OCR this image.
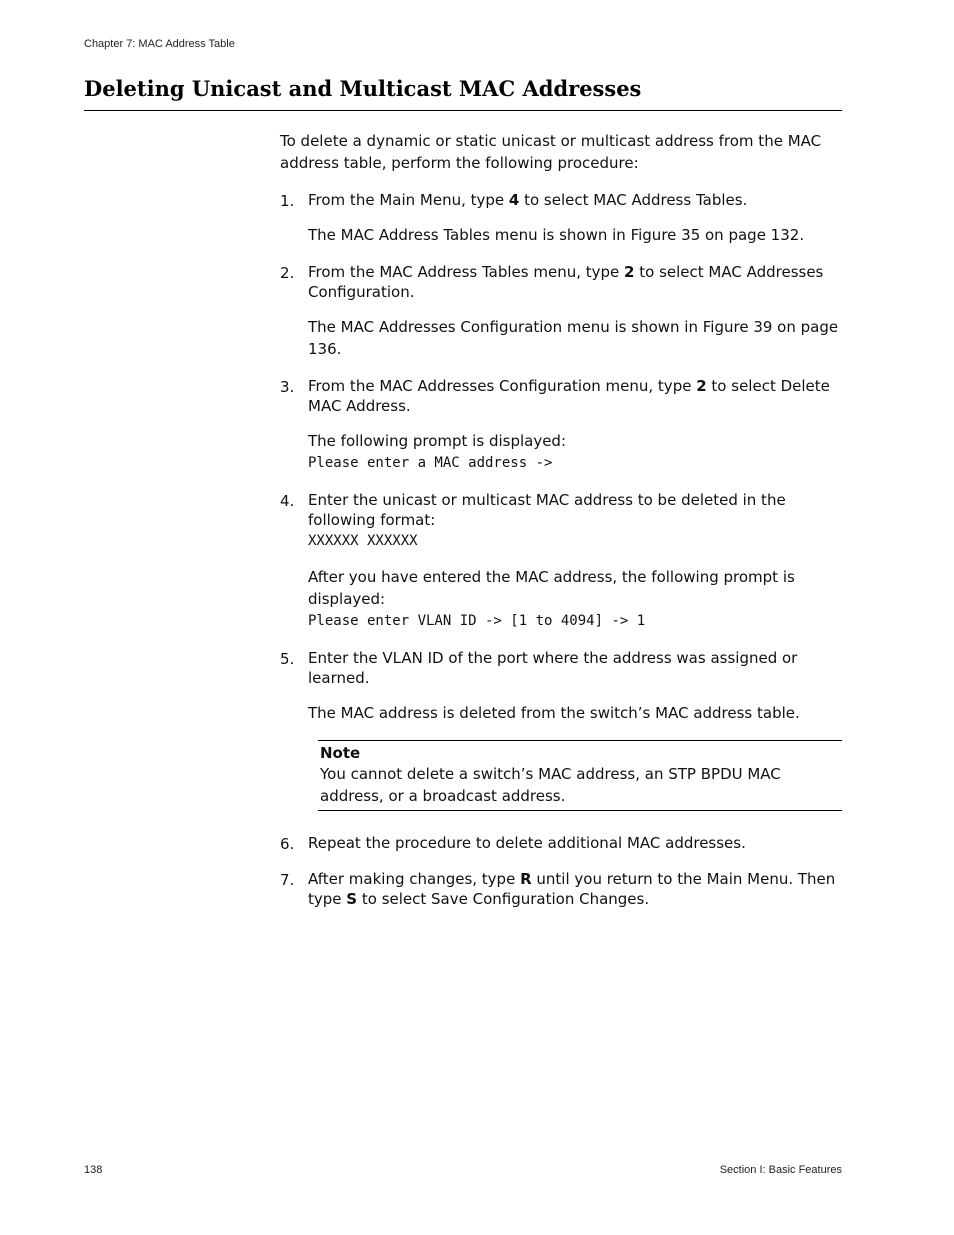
Chapter 7: MAC Address Table
Deleting Unicast and Multicast MAC Addresses

To delete a dynamic or static unicast or multicast address from the MAC address table, perform the following procedure:

1. From the Main Menu, type 4 to select MAC Address Tables.

The MAC Address Tables menu is shown in Figure 35 on page 132.

2. From the MAC Address Tables menu, type 2 to select MAC Addresses Configuration.

The MAC Addresses Configuration menu is shown in Figure 39 on page 136.

3. From the MAC Addresses Configuration menu, type 2 to select Delete MAC Address.

The following prompt is displayed:

Please enter a MAC address ->

4. Enter the unicast or multicast MAC address to be deleted in the following format:

XXXXXX XXXXXX

After you have entered the MAC address, the following prompt is displayed:

Please enter VLAN ID -> [1 to 4094] -> 1

5. Enter the VLAN ID of the port where the address was assigned or learned.

The MAC address is deleted from the switch’s MAC address table.

Note
You cannot delete a switch’s MAC address, an STP BPDU MAC address, or a broadcast address.
6. Repeat the procedure to delete additional MAC addresses.

7. After making changes, type R until you return to the Main Menu. Then type S to select Save Configuration Changes.

138	Section I: Basic Features
